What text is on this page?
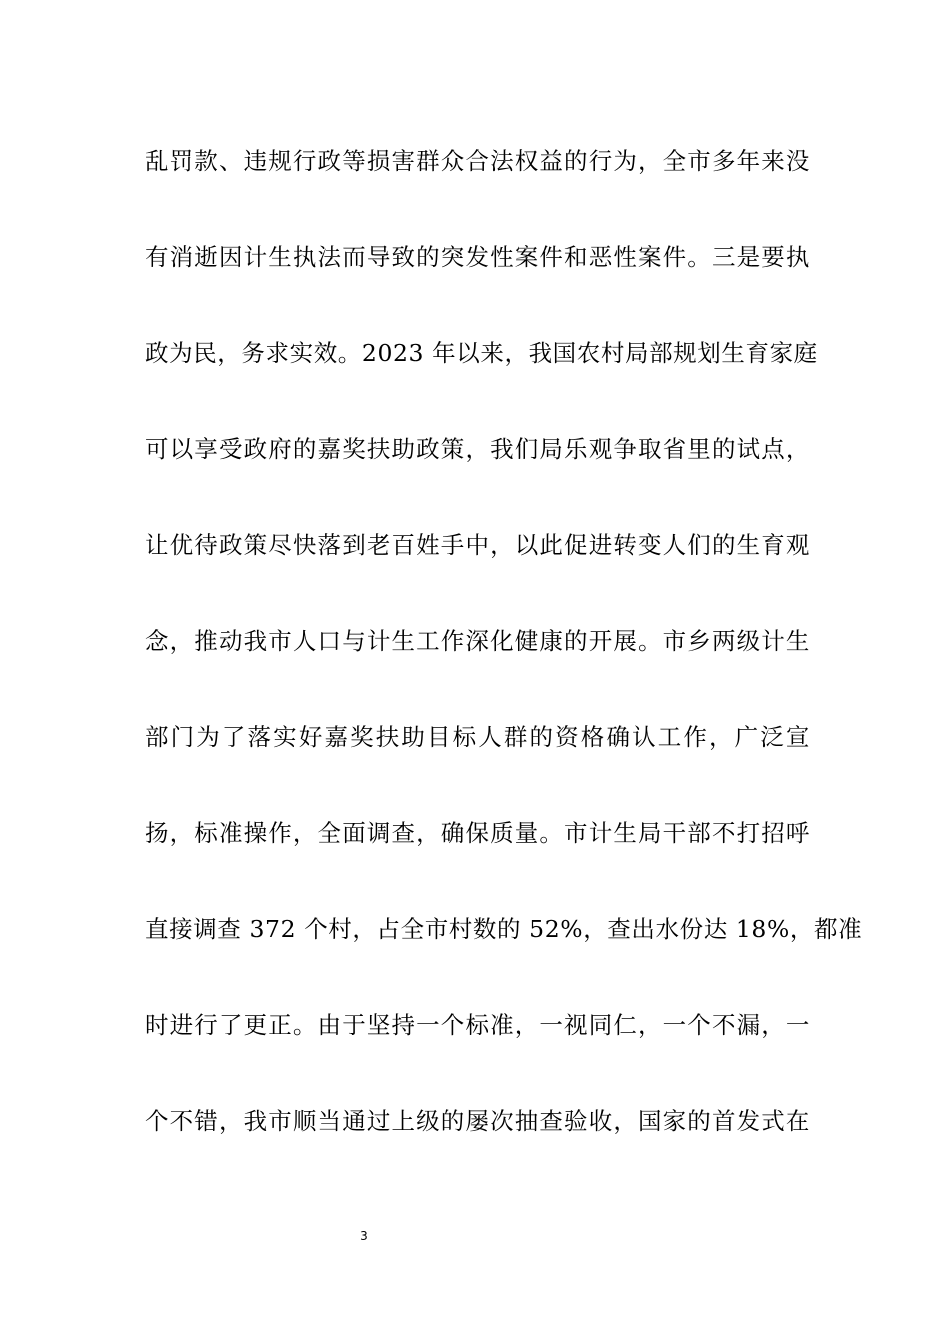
乱罚款、违规行政等损害群众合法权益的行为，全市多年来没
有消逝因计生执法而导致的突发性案件和恶性案件。三是要执
政为民，务求实效。2023 年以来，我国农村局部规划生育家庭
可以享受政府的嘉奖扶助政策，我们局乐观争取省里的试点，
让优待政策尽快落到老百姓手中，以此促进转变人们的生育观
念，推动我市人口与计生工作深化健康的开展。市乡两级计生
部门为了落实好嘉奖扶助目标人群的资格确认工作，广泛宣
扬，标准操作，全面调查，确保质量。市计生局干部不打招呼
直接调查 372 个村，占全市村数的 52%，查出水份达 18%，都准
时进行了更正。由于坚持一个标准，一视同仁，一个不漏，一
个不错，我市顺当通过上级的屡次抽查验收，国家的首发式在
3
